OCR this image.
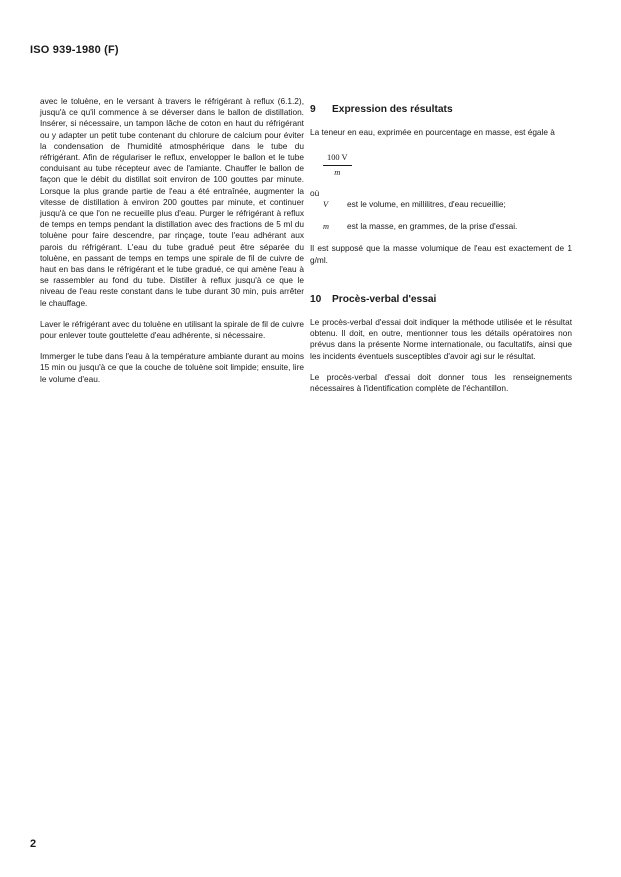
ISO 939-1980 (F)

avec le toluène, en le versant à travers le réfrigérant à reflux (6.1.2), jusqu'à ce qu'il commence à se déverser dans le ballon de distillation. Insérer, si nécessaire, un tampon lâche de coton en haut du réfrigérant ou y adapter un petit tube contenant du chlorure de calcium pour éviter la condensation de l'humidité atmosphérique dans le tube du réfrigérant. Afin de régulariser le reflux, envelopper le ballon et le tube conduisant au tube récepteur avec de l'amiante. Chauffer le ballon de façon que le débit du distillat soit environ de 100 gouttes par minute. Lorsque la plus grande partie de l'eau a été entraînée, augmenter la vitesse de distillation à environ 200 gouttes par minute, et continuer jusqu'à ce que l'on ne recueille plus d'eau. Purger le réfrigérant à reflux de temps en temps pendant la distillation avec des fractions de 5 ml du toluène pour faire descendre, par rinçage, toute l'eau adhérant aux parois du réfrigérant. L'eau du tube gradué peut être séparée du toluène, en passant de temps en temps une spirale de fil de cuivre de haut en bas dans le réfrigérant et le tube gradué, ce qui amène l'eau à se rassembler au fond du tube. Distiller à reflux jusqu'à ce que le niveau de l'eau reste constant dans le tube durant 30 min, puis arrêter le chauffage.

Laver le réfrigérant avec du toluène en utilisant la spirale de fil de cuivre pour enlever toute gouttelette d'eau adhérente, si nécessaire.

Immerger le tube dans l'eau à la température ambiante durant au moins 15 min ou jusqu'à ce que la couche de toluène soit limpide; ensuite, lire le volume d'eau.

9	Expression des résultats

La teneur en eau, exprimée en pourcentage en masse, est égale à

$\frac{100 V}{m}$

où

V	est le volume, en millilitres, d'eau recueillie;
m	est la masse, en grammes, de la prise d'essai.

Il est supposé que la masse volumique de l'eau est exactement de 1 g/ml.

10	Procès-verbal d'essai

Le procès-verbal d'essai doit indiquer la méthode utilisée et le résultat obtenu. Il doit, en outre, mentionner tous les détails opératoires non prévus dans la présente Norme internationale, ou facultatifs, ainsi que les incidents éventuels susceptibles d'avoir agi sur le résultat.

Le procès-verbal d'essai doit donner tous les renseignements nécessaires à l'identification complète de l'échantillon.

2
